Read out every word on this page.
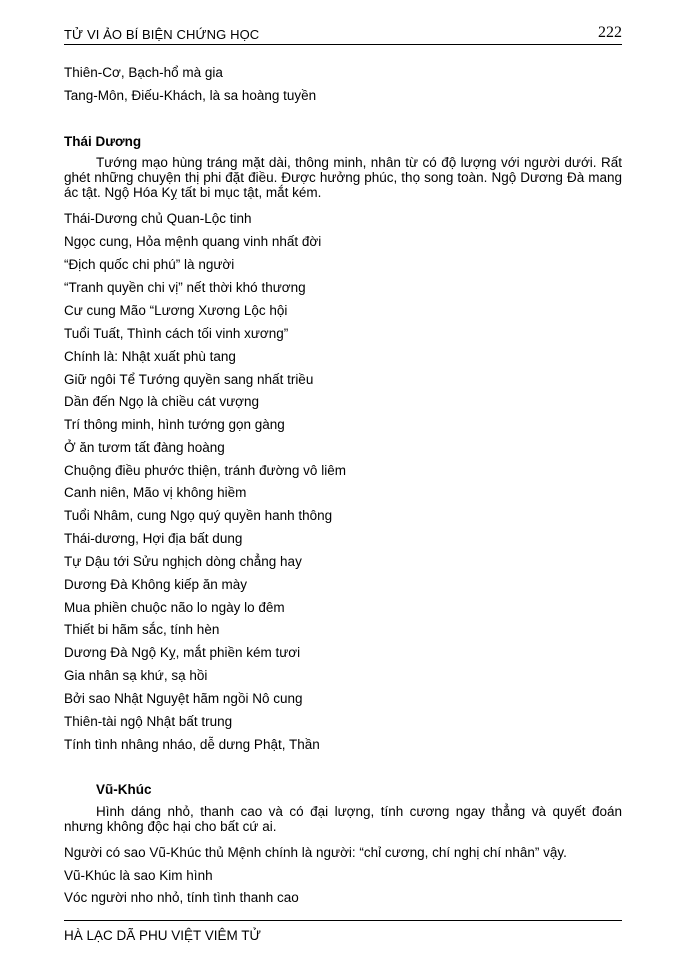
TỬ VI ẢO BÍ BIỆN CHỨNG HỌC	222
Thiên-Cơ, Bạch-hổ mà gia
Tang-Môn, Điếu-Khách, là sa hoàng tuyền
Thái Dương
Tướng mạo hùng tráng mặt dài, thông minh, nhân từ có độ lượng với người dưới. Rất ghét những chuyện thị phi đặt điều. Được hưởng phúc, thọ song toàn. Ngộ Dương Đà mang ác tật. Ngộ Hóa Kỵ tất bi mục tật, mắt kém.
Thái-Dương chủ Quan-Lộc tinh
Ngọc cung, Hỏa mệnh quang vinh nhất đời
“Địch quốc chi phú” là người
“Tranh quyền chi vị” nết thời khó thương
Cư cung Mão “Lương Xương Lộc hội
Tuổi Tuất, Thình cách tối vinh xương”
Chính là: Nhật xuất phù tang
Giữ ngôi Tể Tướng quyền sang nhất triều
Dần đến Ngọ là chiều cát vượng
Trí thông minh, hình tướng gọn gàng
Ở ăn tươm tất đàng hoàng
Chuộng điều phước thiện, tránh đường vô liêm
Canh niên, Mão vị không hiềm
Tuổi Nhâm, cung Ngọ quý quyền hanh thông
Thái-dương, Hợi địa bất dung
Tự Dậu tới Sửu nghịch dòng chẳng hay
Dương Đà Không kiếp ăn mày
Mua phiền chuộc não lo ngày lo đêm
Thiết bi hãm sắc, tính hèn
Dương Đà Ngộ Kỵ, mắt phiền kém tươi
Gia nhân sạ khứ, sạ hồi
Bởi sao Nhật Nguyệt hãm ngồi Nô cung
Thiên-tài ngộ Nhật bất trung
Tính tình nhâng nháo, dễ dưng Phật, Thần
Vũ-Khúc
Hình dáng nhỏ, thanh cao và có đại lượng, tính cương ngay thẳng và quyết đoán nhưng không độc hại cho bất cứ ai.
Người có sao Vũ-Khúc thủ Mệnh chính là người: “chỉ cương, chí nghị chí nhân” vậy.
Vũ-Khúc là sao Kim hình
Vóc người nho nhỏ, tính tình thanh cao
HÀ LẠC DÃ PHU VIỆT VIÊM TỬ
